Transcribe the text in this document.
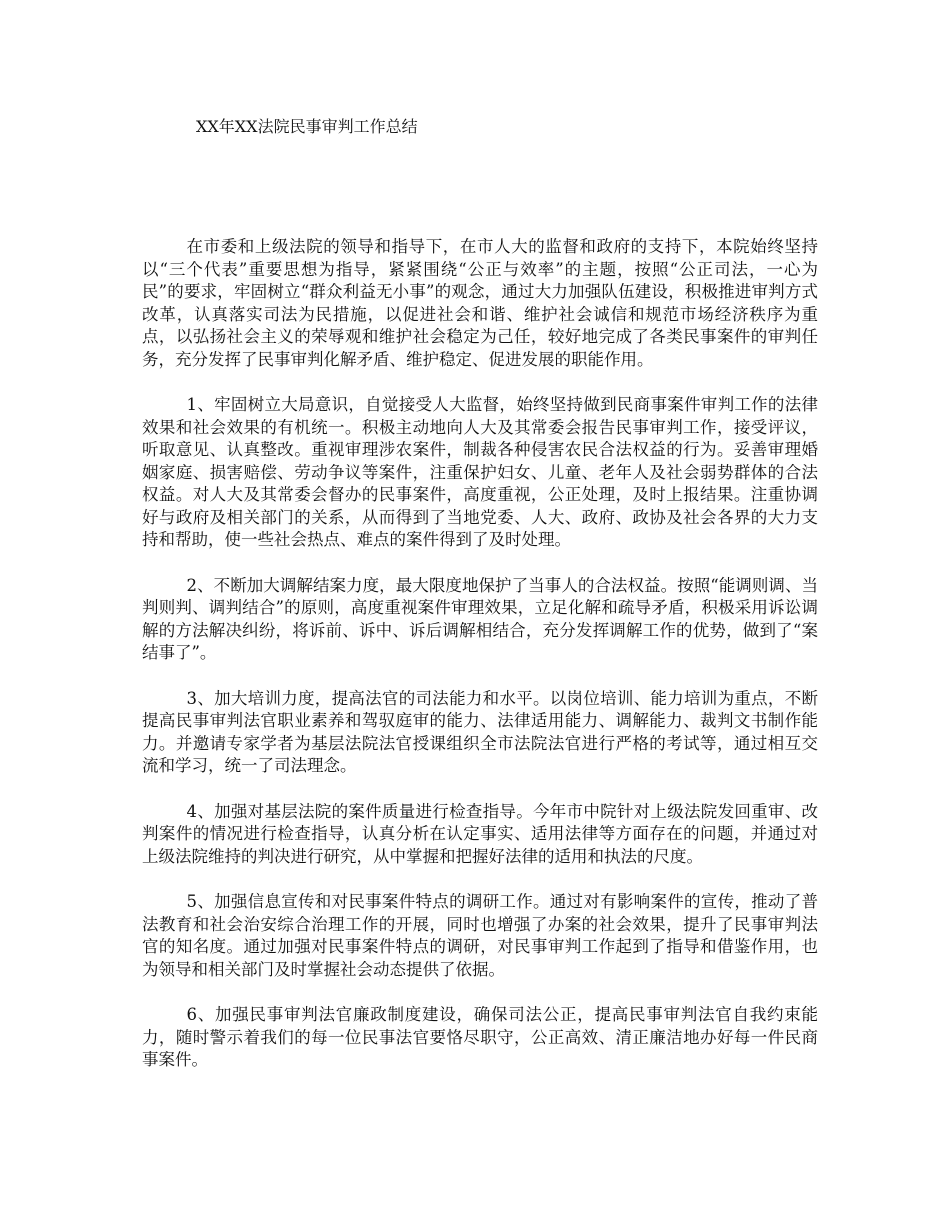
XX年XX法院民事审判工作总结

在市委和上级法院的领导和指导下，在市人大的监督和政府的支持下，本院始终坚持以“三个代表”重要思想为指导，紧紧围绕“公正与效率”的主题，按照“公正司法，一心为民”的要求，牢固树立“群众利益无小事”的观念，通过大力加强队伍建设，积极推进审判方式改革，认真落实司法为民措施，以促进社会和谐、维护社会诚信和规范市场经济秩序为重点，以弘扬社会主义的荣辱观和维护社会稳定为己任，较好地完成了各类民事案件的审判任务，充分发挥了民事审判化解矛盾、维护稳定、促进发展的职能作用。

1、牢固树立大局意识，自觉接受人大监督，始终坚持做到民商事案件审判工作的法律效果和社会效果的有机统一。积极主动地向人大及其常委会报告民事审判工作，接受评议，听取意见、认真整改。重视审理涉农案件，制裁各种侵害农民合法权益的行为。妥善审理婚姻家庭、损害赔偿、劳动争议等案件，注重保护妇女、儿童、老年人及社会弱势群体的合法权益。对人大及其常委会督办的民事案件，高度重视，公正处理，及时上报结果。注重协调好与政府及相关部门的关系，从而得到了当地党委、人大、政府、政协及社会各界的大力支持和帮助，使一些社会热点、难点的案件得到了及时处理。

2、不断加大调解结案力度，最大限度地保护了当事人的合法权益。按照“能调则调、当判则判、调判结合”的原则，高度重视案件审理效果，立足化解和疏导矛盾，积极采用诉讼调解的方法解决纠纷，将诉前、诉中、诉后调解相结合，充分发挥调解工作的优势，做到了“案结事了”。

3、加大培训力度，提高法官的司法能力和水平。以岗位培训、能力培训为重点，不断提高民事审判法官职业素养和驾驭庭审的能力、法律适用能力、调解能力、裁判文书制作能力。并邀请专家学者为基层法院法官授课组织全市法院法官进行严格的考试等，通过相互交流和学习，统一了司法理念。

4、加强对基层法院的案件质量进行检查指导。今年市中院针对上级法院发回重审、改判案件的情况进行检查指导，认真分析在认定事实、适用法律等方面存在的问题，并通过对上级法院维持的判决进行研究，从中掌握和把握好法律的适用和执法的尺度。

5、加强信息宣传和对民事案件特点的调研工作。通过对有影响案件的宣传，推动了普法教育和社会治安综合治理工作的开展，同时也增强了办案的社会效果，提升了民事审判法官的知名度。通过加强对民事案件特点的调研，对民事审判工作起到了指导和借鉴作用，也为领导和相关部门及时掌握社会动态提供了依据。

6、加强民事审判法官廉政制度建设，确保司法公正，提高民事审判法官自我约束能力，随时警示着我们的每一位民事法官要恪尽职守，公正高效、清正廉洁地办好每一件民商事案件。
